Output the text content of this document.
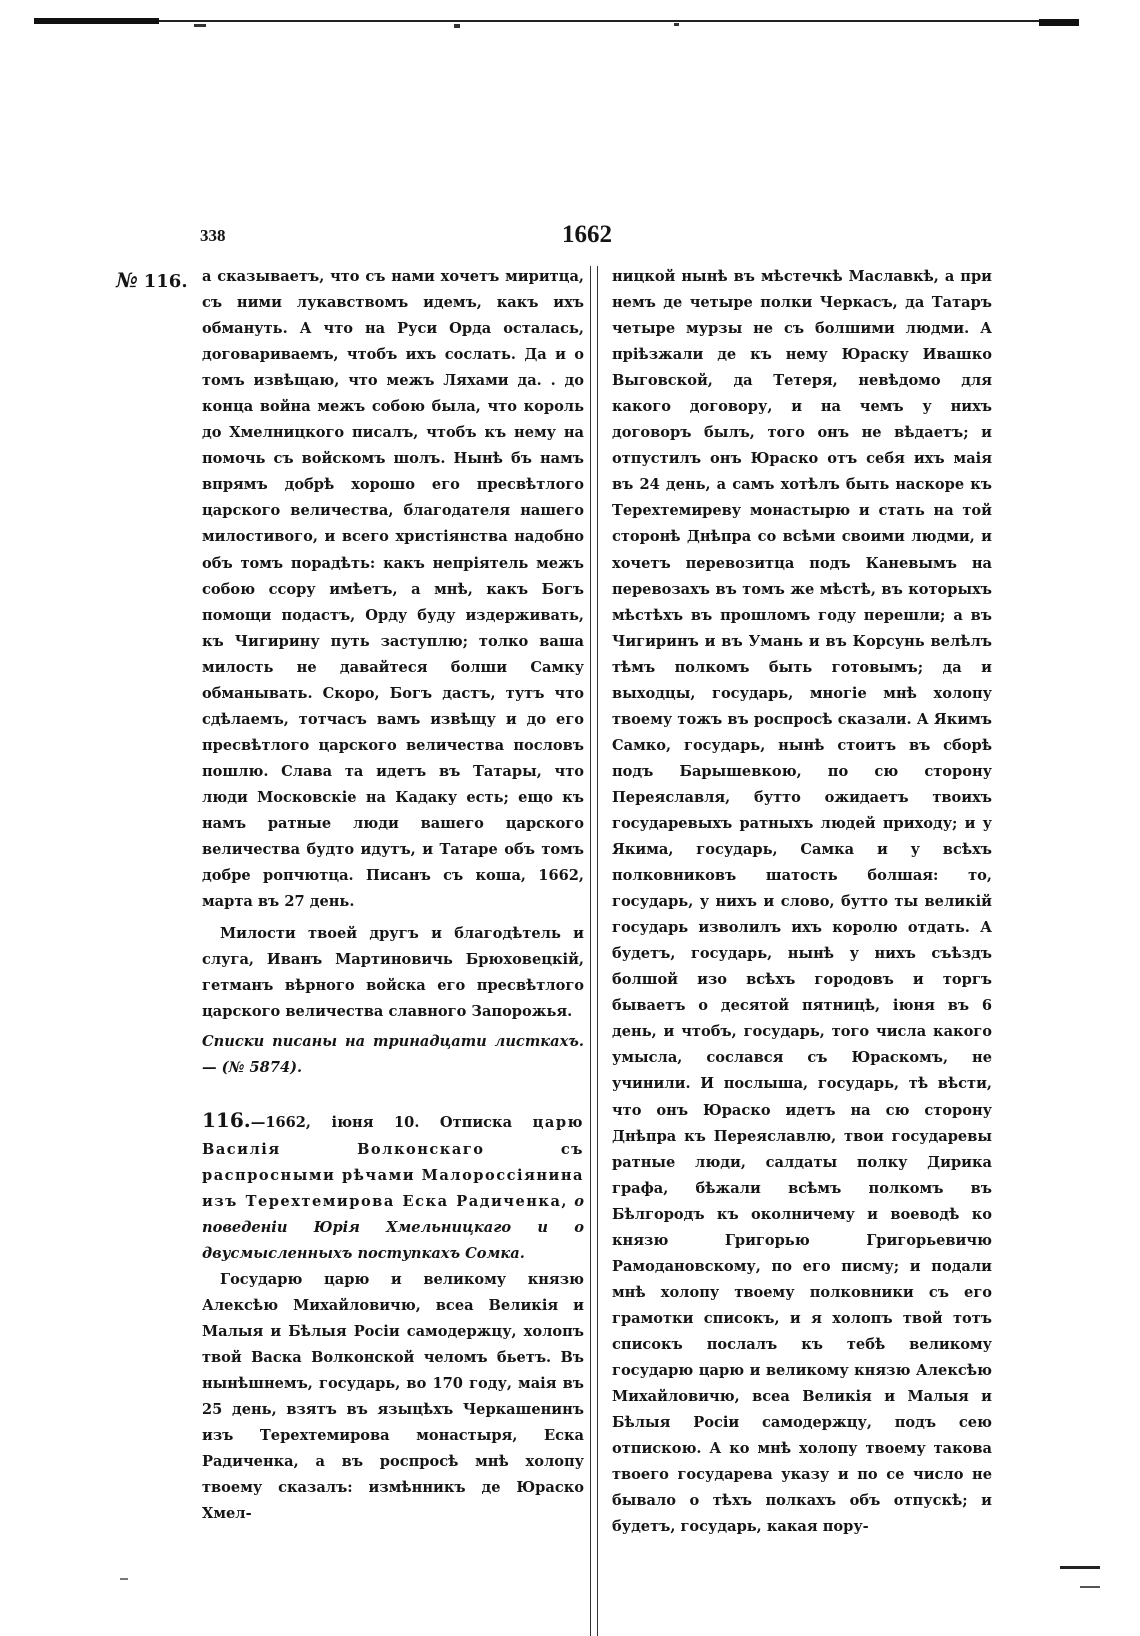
338	1662
№ 116. а сказываетъ, что съ нами хочетъ миритца, съ ними лукавствомъ идемъ, какъ ихъ обмануть. А что на Руси Орда осталась, договариваемъ, чтобъ ихъ сослать. Да и о томъ извѣщаю, что межъ Ляхами да. . до конца война межъ собою была, что король до Хмелницкого писалъ, чтобъ къ нему на помочь съ войскомъ шолъ. Нынѣ бъ намъ впрямъ добрѣ хорошо его пресвѣтлого царского величества, благодателя нашего милостивого, и всего христіянства надобно объ томъ порадѣть: какъ непріятель межъ собою ссору имѣетъ, а мнѣ, какъ Богъ помощи подастъ, Орду буду издерживать, къ Чигирину путь заступлю; толко ваша милость не давайтеся болши Самку обманывать. Скоро, Богъ дастъ, тутъ что сдѣлаемъ, тотчасъ вамъ извѣщу и до его пресвѣтлого царского величества пословъ пошлю. Слава та идетъ въ Татары, что люди Московскіе на Кадаку есть; ещо къ намъ ратные люди вашего царского величества будто идутъ, и Татаре объ томъ добре ропчютца. Писанъ съ коша, 1662, марта въ 27 день.

Милости твоей другъ и благодѣтель и слуга, Иванъ Мартиновичь Брюховецкій, гетманъ вѣрного войска его пресвѣтлого царского величества славного Запорожья.

Списки писаны на тринадцати листкахъ. — (№ 5874).

116.—1662, іюня 10. Отписка царю Василія Волконскаго съ распросными рѣчами Малороссіянина изъ Терехтемирова Еска Радиченка, о поведеніи Юрія Хмельницкаго и о двусмысленныхъ поступкахъ Сомка.

Государю царю и великому князю Алексѣю Михайловичю, всеа Великія и Малыя и Бѣлыя Росіи самодержцу, холопъ твой Васка Волконской челомъ бьетъ. Въ нынѣшнемъ, государь, во 170 году, маія въ 25 день, взятъ въ языцѣхъ Черкашенинъ изъ Терехтемирова монастыря, Еска Радиченка, а въ роспросѣ мнѣ холопу твоему сказалъ: измѣнникъ де Юраско Хмел-

ницкой нынѣ въ мѣстечкѣ Маславкѣ, а при немъ де четыре полки Черкасъ, да Татаръ четыре мурзы не съ болшими людми. А пріѣзжали де къ нему Юраску Ивашко Выговской, да Тетеря, невѣдомо для какого договору, и на чемъ у нихъ договоръ былъ, того онъ не вѣдаетъ; и отпустилъ онъ Юраско отъ себя ихъ маія въ 24 день, а самъ хотѣлъ быть наскоре къ Терехтемиреву монастырю и стать на той сторонѣ Днѣпра со всѣми своими людми, и хочетъ перевозитца подъ Каневымъ на перевозахъ въ томъ же мѣстѣ, въ которыхъ мѣстѣхъ въ прошломъ году перешли; а въ Чигиринъ и въ Умань и въ Корсунь велѣлъ тѣмъ полкомъ быть готовымъ; да и выходцы, государь, многіе мнѣ холопу твоему тожъ въ роспросѣ сказали. А Якимъ Самко, государь, нынѣ стоитъ въ сборѣ подъ Барышевкою, по сю сторону Переяславля, бутто ожидаетъ твоихъ государевыхъ ратныхъ людей приходу; и у Якима, государь, Самка и у всѣхъ полковниковъ шатость болшая: то, государь, у нихъ и слово, бутто ты великій государь изволилъ ихъ королю отдать. А будетъ, государь, нынѣ у нихъ съѣздъ болшой изо всѣхъ городовъ и торгъ бываетъ о десятой пятницѣ, іюня въ 6 день, и чтобъ, государь, того числа какого умысла, сослався съ Юраскомъ, не учинили. И послыша, государь, тѣ вѣсти, что онъ Юраско идетъ на сю сторону Днѣпра къ Переяславлю, твои государевы ратные люди, салдаты полку Дирика графа, бѣжали всѣмъ полкомъ въ Бѣлгородъ къ околничему и воеводѣ ко князю Григорью Григорьевичю Рамодановскому, по его писму; и подали мнѣ холопу твоему полковники съ его грамотки списокъ, и я холопъ твой тотъ списокъ послалъ къ тебѣ великому государю царю и великому князю Алексѣю Михайловичю, всеа Великія и Малыя и Бѣлыя Росіи самодержцу, подъ сею отпискою. А ко мнѣ холопу твоему такова твоего государева указу и по се число не бывало о тѣхъ полкахъ объ отпускѣ; и будетъ, государь, какая пору-
